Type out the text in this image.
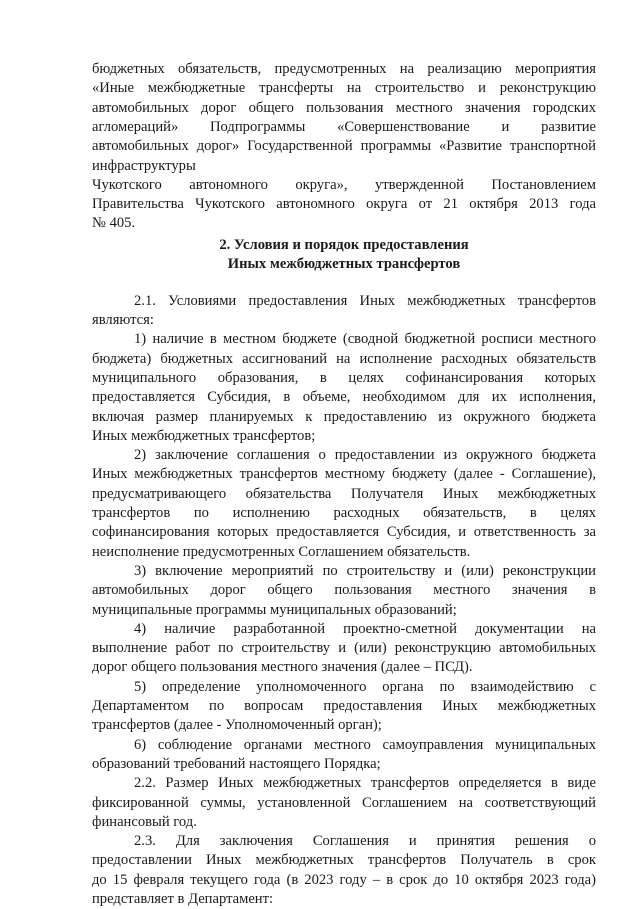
бюджетных обязательств, предусмотренных на реализацию мероприятия
«Иные межбюджетные трансферты на строительство и реконструкцию
автомобильных дорог общего пользования местного значения городских
агломераций» Подпрограммы «Совершенствование и развитие
автомобильных дорог» Государственной программы «Развитие транспортной
инфраструктуры
Чукотского автономного округа», утвержденной Постановлением
Правительства Чукотского автономного округа от 21 октября 2013 года
№ 405.
2. Условия и порядок предоставления
Иных межбюджетных трансфертов
2.1. Условиями предоставления Иных межбюджетных трансфертов
являются:
1) наличие в местном бюджете (сводной бюджетной росписи местного
бюджета) бюджетных ассигнований на исполнение расходных обязательств
муниципального образования, в целях софинансирования которых
предоставляется Субсидия, в объеме, необходимом для их исполнения,
включая размер планируемых к предоставлению из окружного бюджета
Иных межбюджетных трансфертов;
2) заключение соглашения о предоставлении из окружного бюджета
Иных межбюджетных трансфертов местному бюджету (далее - Соглашение),
предусматривающего обязательства Получателя Иных межбюджетных
трансфертов по исполнению расходных обязательств, в целях
софинансирования которых предоставляется Субсидия, и ответственность за
неисполнение предусмотренных Соглашением обязательств.
3) включение мероприятий по строительству и (или) реконструкции
автомобильных дорог общего пользования местного значения в
муниципальные программы муниципальных образований;
4) наличие разработанной проектно-сметной документации на
выполнение работ по строительству и (или) реконструкцию автомобильных
дорог общего пользования местного значения (далее – ПСД).
5) определение уполномоченного органа по взаимодействию с
Департаментом по вопросам предоставления Иных межбюджетных
трансфертов (далее - Уполномоченный орган);
6) соблюдение органами местного самоуправления муниципальных
образований требований настоящего Порядка;
2.2. Размер Иных межбюджетных трансфертов определяется в виде
фиксированной суммы, установленной Соглашением на соответствующий
финансовый год.
2.3. Для заключения Соглашения и принятия решения о
предоставлении Иных межбюджетных трансфертов Получатель в срок
до 15 февраля текущего года (в 2023 году – в срок до 10 октября 2023 года)
представляет в Департамент:
